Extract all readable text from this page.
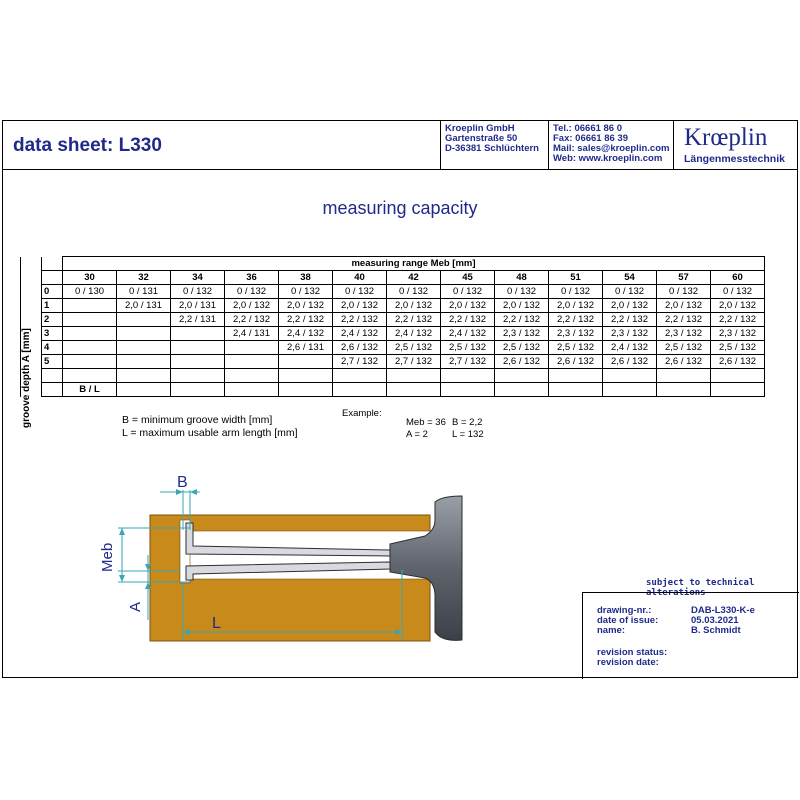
data sheet: L330
Kroeplin GmbH
Gartenstraße 50
D-36381 Schlüchtern
Tel.: 06661 86 0
Fax: 06661 86 39
Mail: sales@kroeplin.com
Web: www.kroeplin.com
Krœplin
Längenmesstechnik
measuring capacity
		measuring range Meb [mm]												
		30	32	34	36	38	40	42	45	48	51	54	57	60
	0	0 / 130	0 / 131	0 / 132	0 / 132	0 / 132	0 / 132	0 / 132	0 / 132	0 / 132	0 / 132	0 / 132	0 / 132	0 / 132
	1		2,0 / 131	2,0 / 131	2,0 / 132	2,0 / 132	2,0 / 132	2,0 / 132	2,0 / 132	2,0 / 132	2,0 / 132	2,0 / 132	2,0 / 132	2,0 / 132
	2			2,2 / 131	2,2 / 132	2,2 / 132	2,2 / 132	2,2 / 132	2,2 / 132	2,2 / 132	2,2 / 132	2,2 / 132	2,2 / 132	2,2 / 132
	3				2,4 / 131	2,4 / 132	2,4 / 132	2,4 / 132	2,4 / 132	2,3 / 132	2,3 / 132	2,3 / 132	2,3 / 132	2,3 / 132
	4					2,6 / 131	2,6 / 132	2,5 / 132	2,5 / 132	2,5 / 132	2,5 / 132	2,4 / 132	2,5 / 132	2,5 / 132
	5						2,7 / 132	2,7 / 132	2,7 / 132	2,6 / 132	2,6 / 132	2,6 / 132	2,6 / 132	2,6 / 132

		B / L												
groove depth A [mm]	B = minimum groove width [mm]
L = maximum usable arm length [mm]
Example:
Meb = 36 B = 2,2
A = 2	L = 132
B
Meb
A
L
subject to technical alterations
drawing-nr.:	DAB-L330-K-e
date of issue:	05.03.2021
name:	B. Schmidt
revision status:
revision date:
